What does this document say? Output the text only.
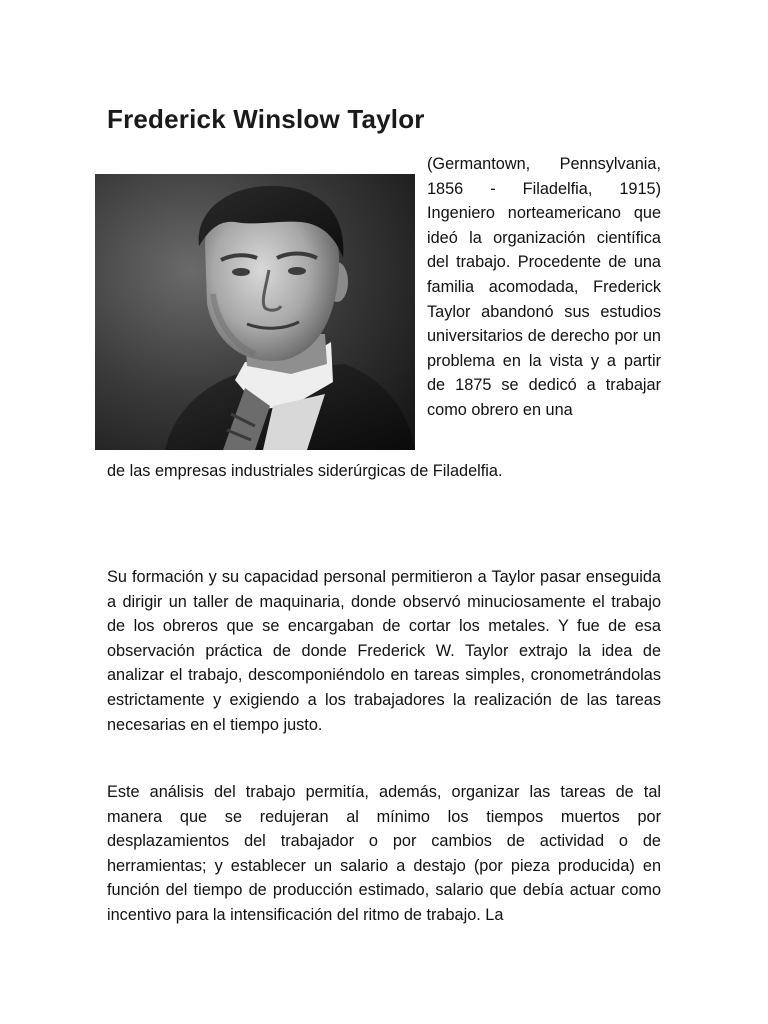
Frederick Winslow Taylor

(Germantown, Pennsylvania, 1856 - Filadelfia, 1915) Ingeniero norteamericano que ideó la organización científica del trabajo. Procedente de una familia acomodada, Frederick Taylor abandonó sus estudios universitarios de derecho por un problema en la vista y a partir de 1875 se dedicó a trabajar como obrero en una

de las empresas industriales siderúrgicas de Filadelfia.

Su formación y su capacidad personal permitieron a Taylor pasar enseguida a dirigir un taller de maquinaria, donde observó minuciosamente el trabajo de los obreros que se encargaban de cortar los metales. Y fue de esa observación práctica de donde Frederick W. Taylor extrajo la idea de analizar el trabajo, descomponiéndolo en tareas simples, cronometrándolas estrictamente y exigiendo a los trabajadores la realización de las tareas necesarias en el tiempo justo.

Este análisis del trabajo permitía, además, organizar las tareas de tal manera que se redujeran al mínimo los tiempos muertos por desplazamientos del trabajador o por cambios de actividad o de herramientas; y establecer un salario a destajo (por pieza producida) en función del tiempo de producción estimado, salario que debía actuar como incentivo para la intensificación del ritmo de trabajo. La
